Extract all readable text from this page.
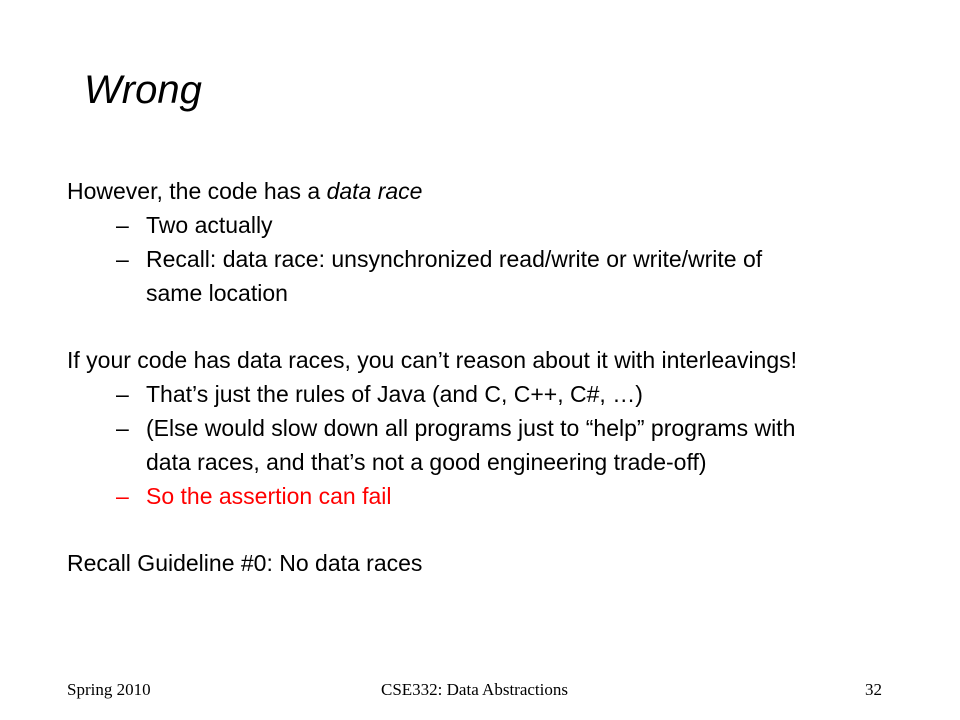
Wrong

However, the code has a data race

– Two actually
– Recall: data race: unsynchronized read/write or write/write of
same location

If your code has data races, you can’t reason about it with interleavings!

– That’s just the rules of Java (and C, C++, C#, …)
– (Else would slow down all programs just to “help” programs with
data races, and that’s not a good engineering trade-off)
– So the assertion can fail

Recall Guideline #0: No data races

Spring 2010	CSE332: Data Abstractions	32
